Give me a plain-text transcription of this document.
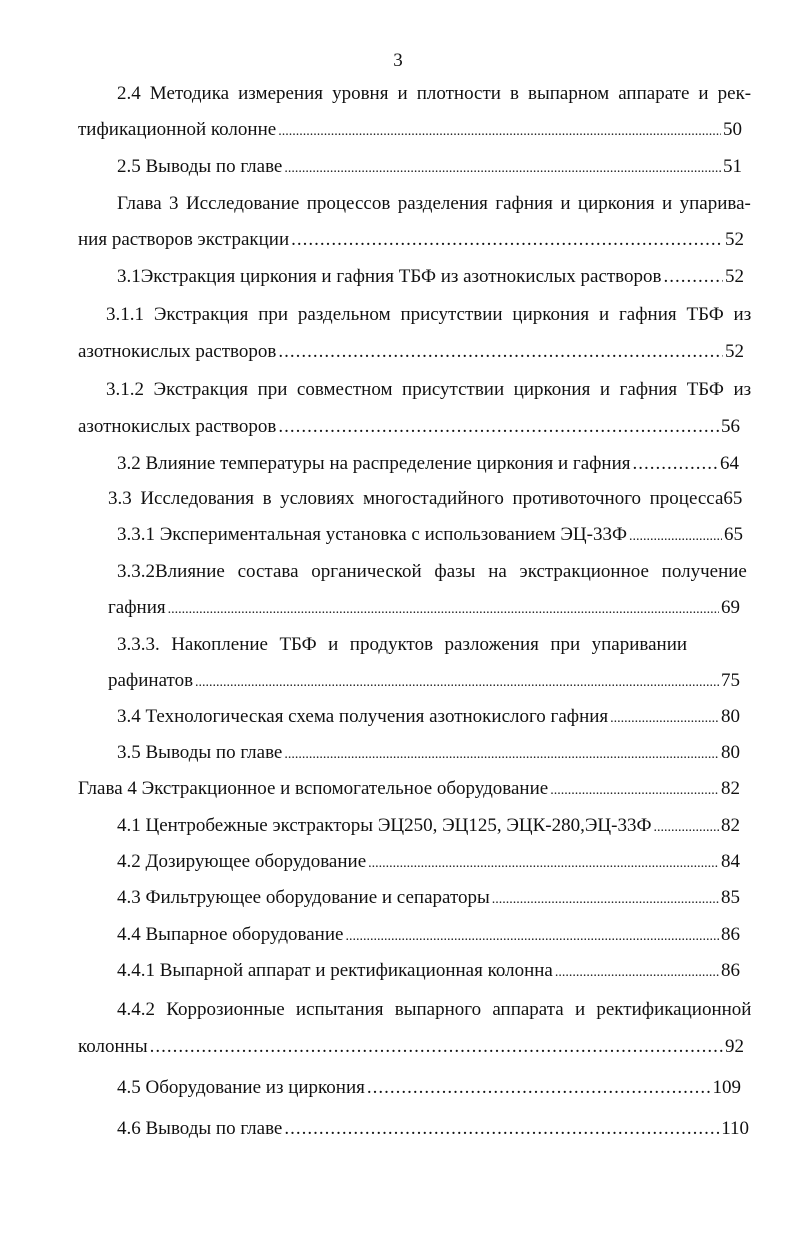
3
2.4 Методика измерения уровня и плотности в выпарном аппарате и рек-
тификационной колонне .....	50
2.5 Выводы по главе .....	51
Глава 3 Исследование процессов разделения гафния и циркония и упарива-
ния растворов экстракции .....	52
3.1Экстракция циркония и гафния ТБФ из азотнокислых растворов .....	52
3.1.1 Экстракция при раздельном присутствии циркония и гафния ТБФ из
азотнокислых растворов .....	52
3.1.2 Экстракция при совместном присутствии циркония и гафния ТБФ из
азотнокислых растворов .....	56
3.2 Влияние температуры на распределение циркония и гафния .....	64
3.3 Исследования в условиях многостадийного противоточного процесса65
3.3.1 Экспериментальная установка с использованием ЭЦ-33Ф .....	65
3.3.2Влияние состава органической фазы на экстракционное получение
гафния .....	69
3.3.3. Накопление ТБФ и продуктов разложения при упаривании
рафинатов .....	75
3.4 Технологическая схема получения азотнокислого гафния .....	80
3.5 Выводы по главе .....	80
Глава 4 Экстракционное и вспомогательное оборудование .....	82
4.1 Центробежные экстракторы ЭЦ250, ЭЦ125, ЭЦК-280,ЭЦ-33Ф .....	82
4.2 Дозирующее оборудование .....	84
4.3 Фильтрующее оборудование и сепараторы .....	85
4.4 Выпарное оборудование .....	86
4.4.1 Выпарной аппарат и ректификационная колонна .....	86
4.4.2 Коррозионные испытания выпарного аппарата и ректификационной
колонны .....	92
4.5 Оборудование из циркония .....	109
4.6 Выводы по главе .....	110
